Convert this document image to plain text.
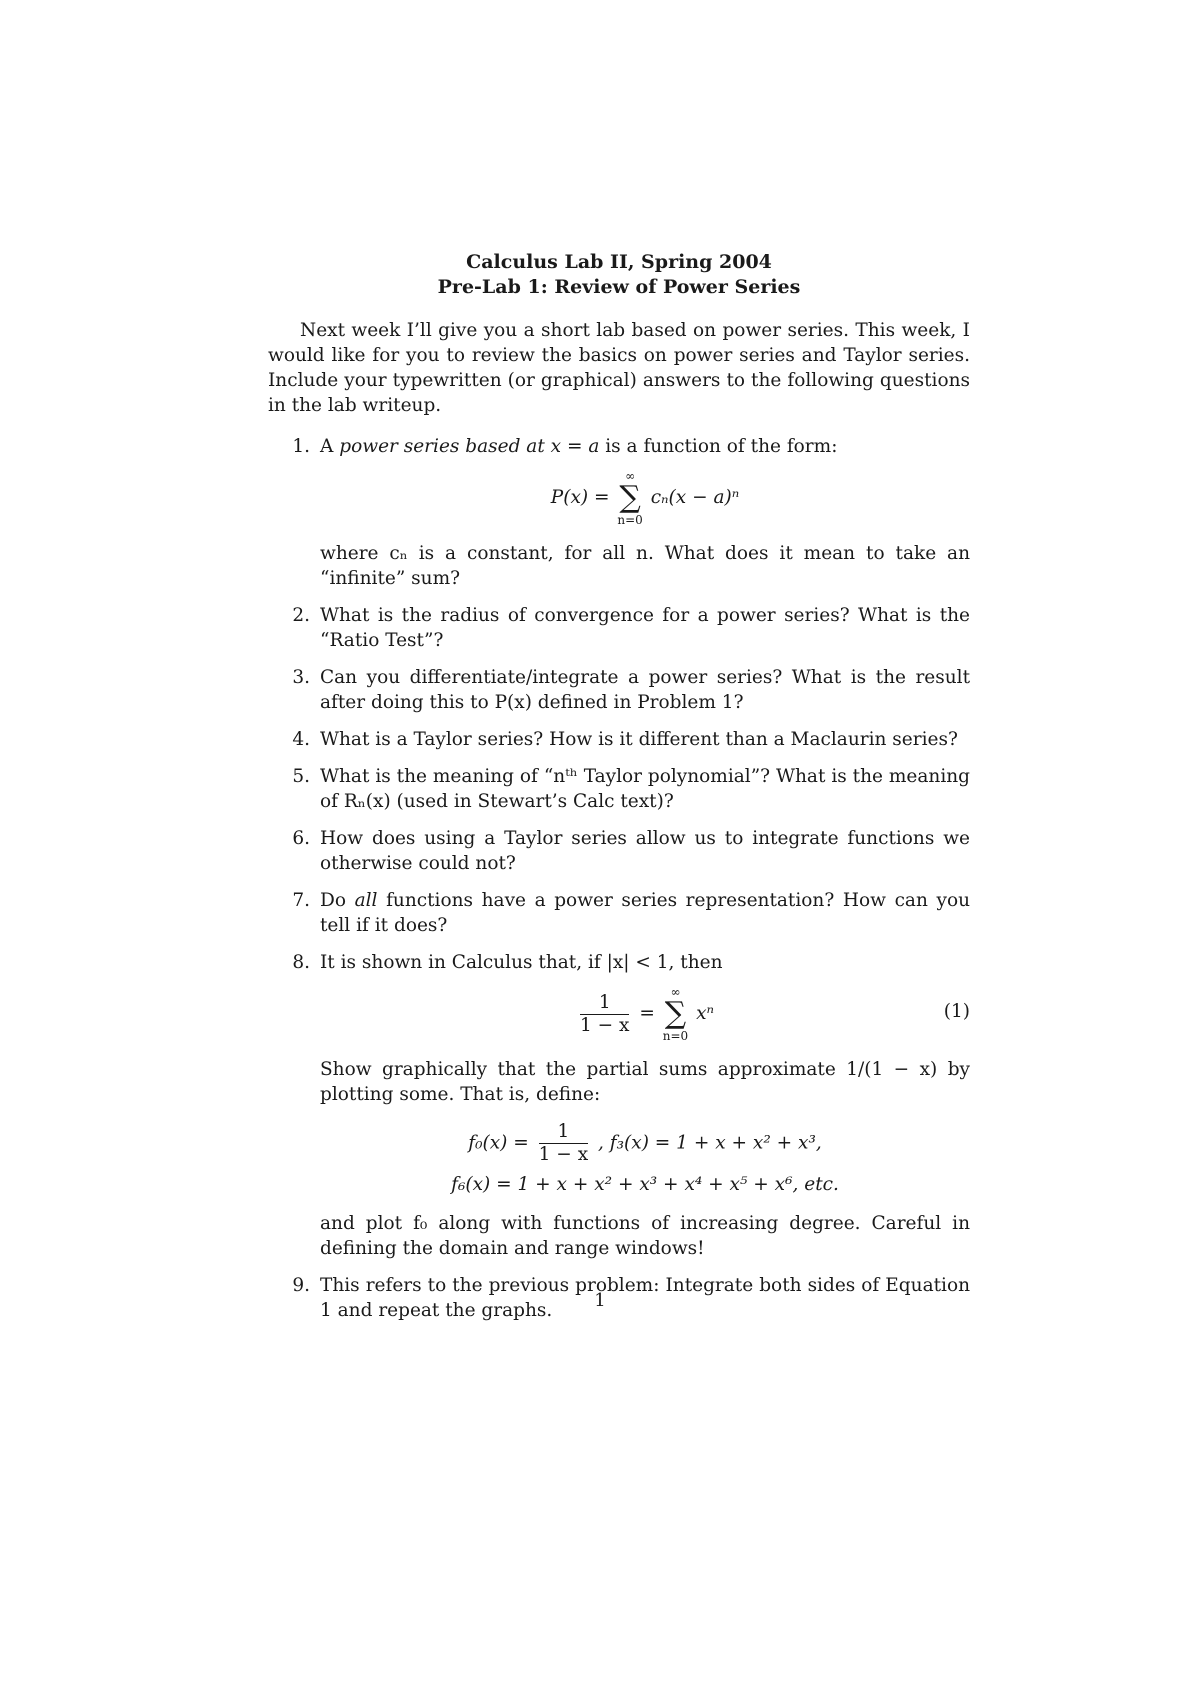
Calculus Lab II, Spring 2004

Pre-Lab 1: Review of Power Series

Next week I’ll give you a short lab based on power series. This week, I would like for you to review the basics on power series and Taylor series. Include your typewritten (or graphical) answers to the following questions in the lab writeup.

1. A power series based at x = a is a function of the form:
P(x) =
∞
∑
n=0
cₙ(x − a)ⁿ
where cₙ is a constant, for all n. What does it mean to take an “infinite” sum?
2. What is the radius of convergence for a power series? What is the “Ratio Test”?
3. Can you differentiate/integrate a power series? What is the result after doing this to P(x) defined in Problem 1?
4. What is a Taylor series? How is it different than a Maclaurin series?
5. What is the meaning of “nᵗʰ Taylor polynomial”? What is the meaning of Rₙ(x) (used in Stewart’s Calc text)?
6. How does using a Taylor series allow us to integrate functions we otherwise could not?
7. Do all functions have a power series representation? How can you tell if it does?
8. It is shown in Calculus that, if |x| < 1, then
$\frac{1}{1 - x}$ =
∞
∑
n=0
xⁿ	(1)
Show graphically that the partial sums approximate 1/(1 − x) by plotting some. That is, define:
$f_0(x) = \frac{1}{1 - x}$ , f₃(x) = 1 + x + x² + x³,
f₆(x) = 1 + x + x² + x³ + x⁴ + x⁵ + x⁶, etc.
and plot f₀ along with functions of increasing degree. Careful in defining the domain and range windows!
9. This refers to the previous problem: Integrate both sides of Equation 1 and repeat the graphs.	1
